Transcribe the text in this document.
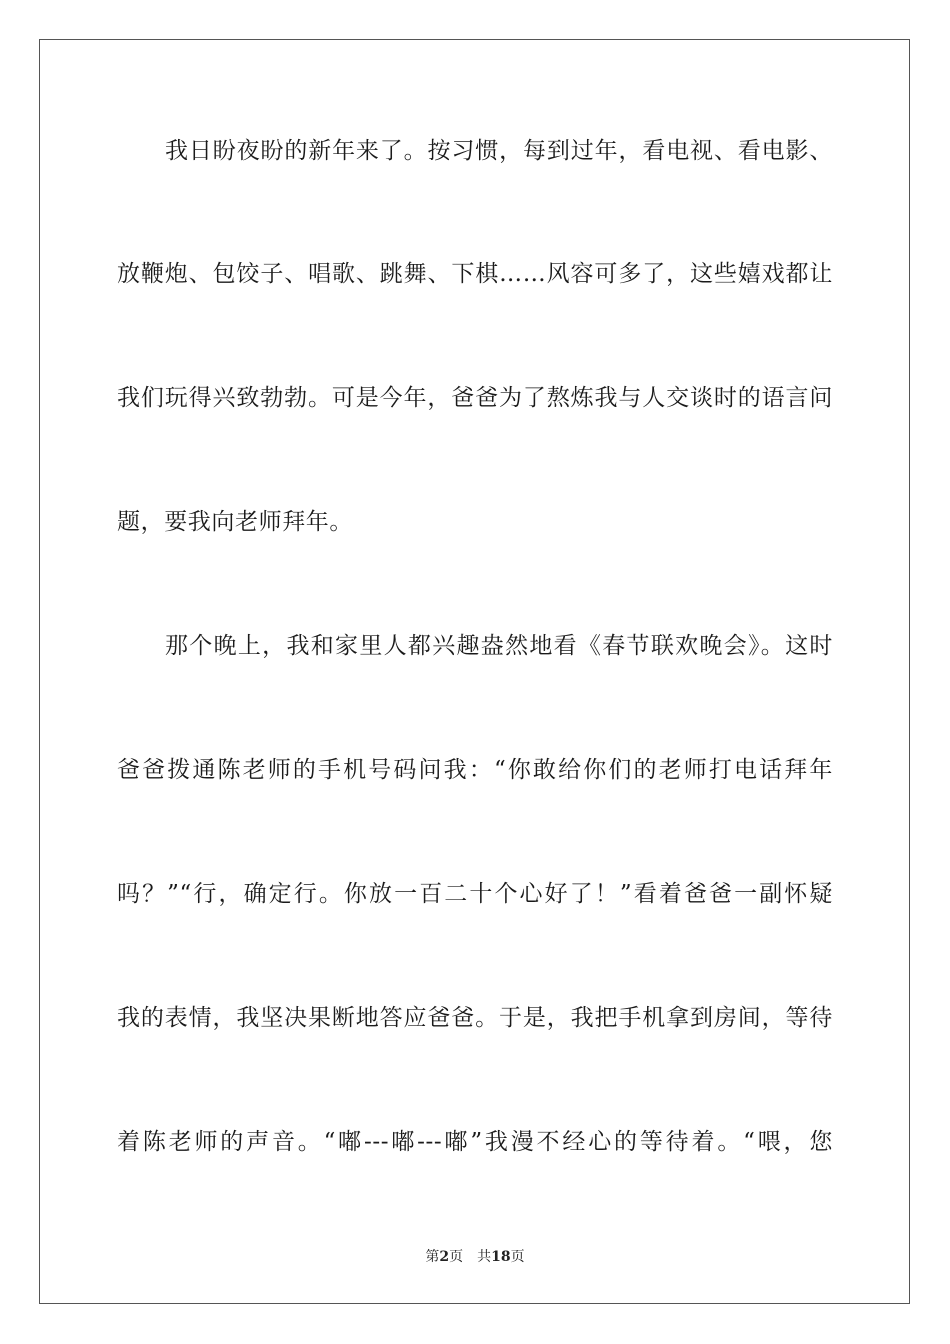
我日盼夜盼的新年来了。按习惯，每到过年，看电视、看电影、
放鞭炮、包饺子、唱歌、跳舞、下棋……风容可多了，这些嬉戏都让
我们玩得兴致勃勃。可是今年，爸爸为了熬炼我与人交谈时的语言问
题，要我向老师拜年。
那个晚上，我和家里人都兴趣盎然地看《春节联欢晚会》。这时
爸爸拨通陈老师的手机号码问我：“你敢给你们的老师打电话拜年
吗？”“行，确定行。你放一百二十个心好了！”看着爸爸一副怀疑
我的表情，我坚决果断地答应爸爸。于是，我把手机拿到房间，等待
着陈老师的声音。“嘟---嘟---嘟”我漫不经心的等待着。“喂，您
第2页 共18页
